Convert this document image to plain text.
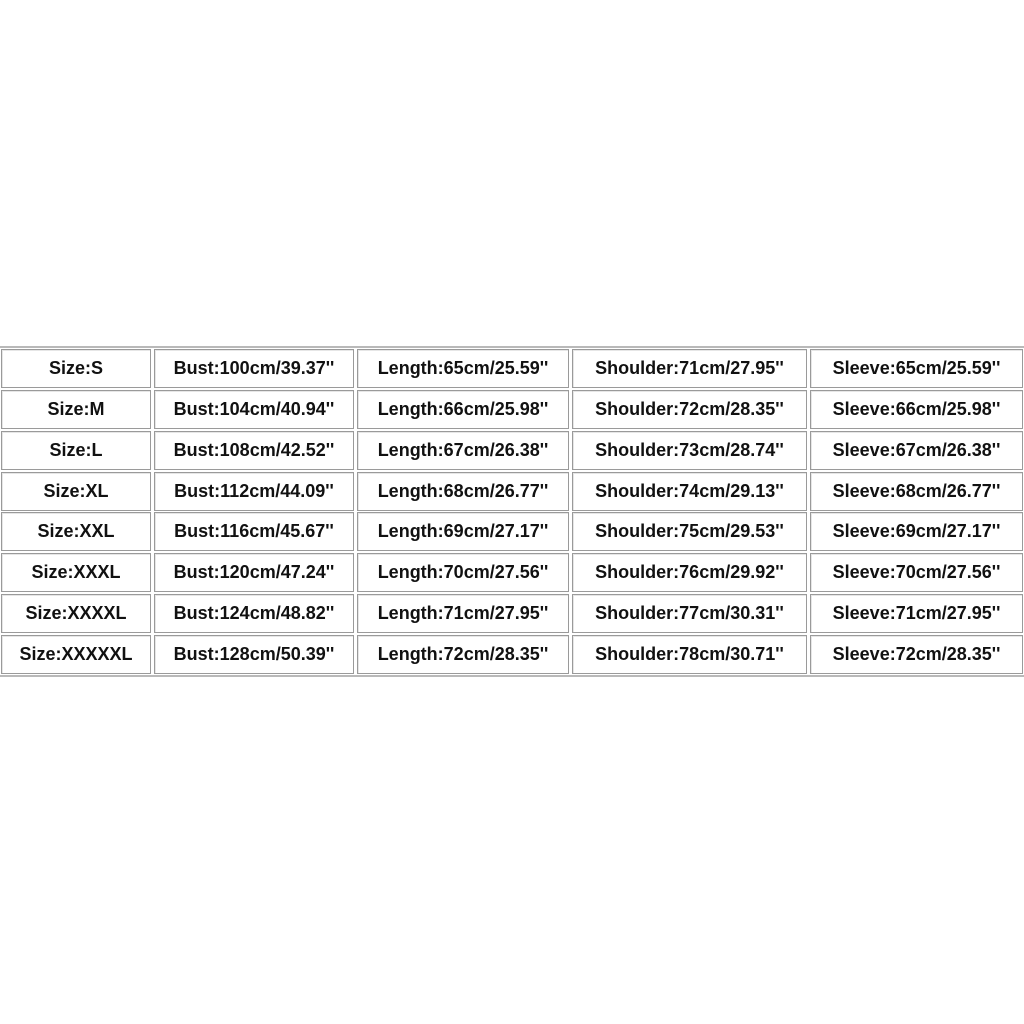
Size:S	Bust:100cm/39.37''	Length:65cm/25.59''	Shoulder:71cm/27.95''	Sleeve:65cm/25.59''
Size:M	Bust:104cm/40.94''	Length:66cm/25.98''	Shoulder:72cm/28.35''	Sleeve:66cm/25.98''
Size:L	Bust:108cm/42.52''	Length:67cm/26.38''	Shoulder:73cm/28.74''	Sleeve:67cm/26.38''
Size:XL	Bust:112cm/44.09''	Length:68cm/26.77''	Shoulder:74cm/29.13''	Sleeve:68cm/26.77''
Size:XXL	Bust:116cm/45.67''	Length:69cm/27.17''	Shoulder:75cm/29.53''	Sleeve:69cm/27.17''
Size:XXXL	Bust:120cm/47.24''	Length:70cm/27.56''	Shoulder:76cm/29.92''	Sleeve:70cm/27.56''
Size:XXXXL	Bust:124cm/48.82''	Length:71cm/27.95''	Shoulder:77cm/30.31''	Sleeve:71cm/27.95''
Size:XXXXXL	Bust:128cm/50.39''	Length:72cm/28.35''	Shoulder:78cm/30.71''	Sleeve:72cm/28.35''
